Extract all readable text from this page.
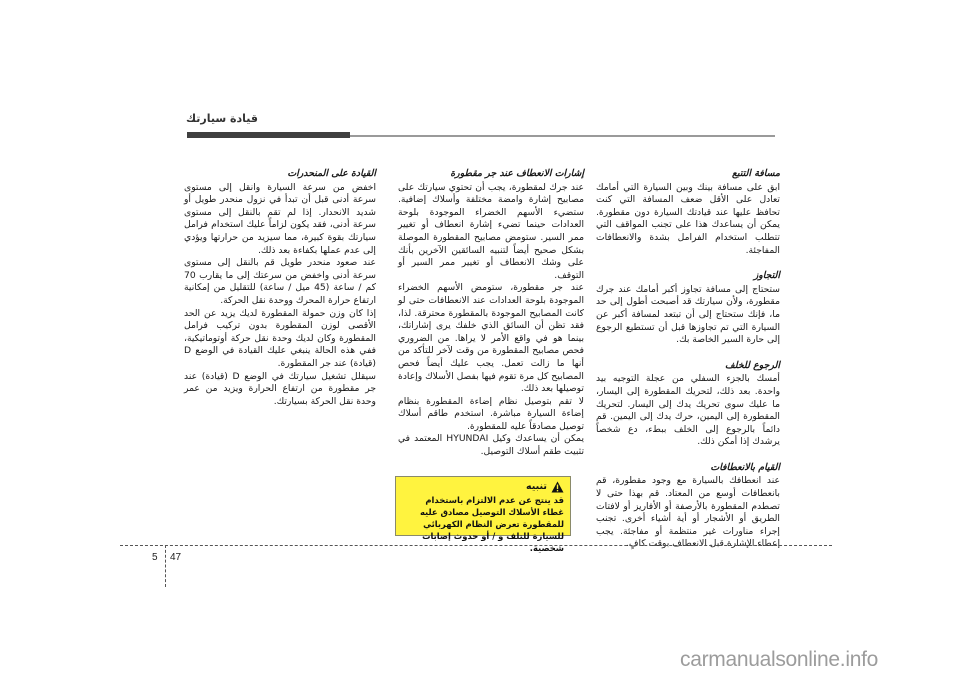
قيادة سيارتك
مسافة التتبع
ابق على مسافة بينك وبين السيارة التي أمامك تعادل على الأقل ضعف المسافة التي كنت تحافظ عليها عند قيادتك السيارة دون مقطورة. يمكن أن يساعدك هذا على تجنب المواقف التي تتطلب استخدام الفرامل بشدة والانعطافات المفاجئة.
التجاوز
ستحتاج إلى مسافة تجاوز أكبر أمامك عند جرك مقطورة، ولأن سيارتك قد أصبحت أطول إلى حد ما، فإنك ستحتاج إلى أن تبتعد لمسافة أكبر عن السيارة التي تم تجاوزها قبل أن تستطيع الرجوع إلى حارة السير الخاصة بك.
الرجوع للخلف
أمسك بالجزء السفلي من عجلة التوجيه بيد واحدة. بعد ذلك، لتحريك المقطورة إلى اليسار، ما عليك سوى تحريك يدك إلى اليسار. لتحريك المقطورة إلى اليمين، حرك يدك إلى اليمين. قم دائماً بالرجوع إلى الخلف ببطء، دع شخصاً يرشدك إذا أمكن ذلك.
القيام بالانعطافات
عند انعطافك بالسيارة مع وجود مقطورة، قم بانعطافات أوسع من المعتاد. قم بهذا حتى لا تصطدم المقطورة بالأرصفة أو الأفاريز أو لافتات الطريق أو الأشجار أو أية أشياء أخرى. تجنب إجراء مناورات غير منتظمة أو مفاجئة. يجب إعطاء الإشارة قبل الانعطاف بوقت كافٍ.
إشارات الانعطاف عند جر مقطورة
عند جرك لمقطورة، يجب أن تحتوي سيارتك على مصابيح إشارة وامضة مختلفة وأسلاك إضافية. ستضيء الأسهم الخضراء الموجودة بلوحة العدادات حينما تضيء إشارة انعطاف أو تغيير ممر السير. ستومض مصابيح المقطورة الموصلة بشكل صحيح أيضاً لتنبيه السائقين الآخرين بأنك على وشك الانعطاف أو تغيير ممر السير أو التوقف.
عند جر مقطورة، ستومض الأسهم الخضراء الموجودة بلوحة العدادات عند الانعطافات حتى لو كانت المصابيح الموجودة بالمقطورة محترقة. لذا، فقد تظن أن السائق الذي خلفك يرى إشاراتك، بينما هو في واقع الأمر لا يراها. من الضروري فحص مصابيح المقطورة من وقت لآخر للتأكد من أنها ما زالت تعمل. يجب عليك أيضاً فحص المصابيح كل مرة تقوم فيها بفصل الأسلاك وإعادة توصيلها بعد ذلك.
لا تقم بتوصيل نظام إضاءة المقطورة بنظام إضاءة السيارة مباشرة. استخدم طاقم أسلاك توصيل مصادقاً عليه للمقطورة.
يمكن أن يساعدك وكيل HYUNDAI المعتمد في تثبيت طقم أسلاك التوصيل.
القيادة على المنحدرات
اخفض من سرعة السيارة وانقل إلى مستوى سرعة أدنى قبل أن تبدأ في نزول منحدر طويل أو شديد الانحدار. إذا لم تقم بالنقل إلى مستوى سرعة أدنى، فقد يكون لزاماً عليك استخدام فرامل سيارتك بقوة كبيرة، مما سيزيد من حرارتها ويؤدي إلى عدم عملها بكفاءة بعد ذلك.
عند صعود منحدر طويل قم بالنقل إلى مستوى سرعة أدنى واخفض من سرعتك إلى ما يقارب 70 كم / ساعة (45 ميل / ساعة) للتقليل من إمكانية ارتفاع حرارة المحرك ووحدة نقل الحركة.
إذا كان وزن حمولة المقطورة لديك يزيد عن الحد الأقصى لوزن المقطورة بدون تركيب فرامل المقطورة وكان لديك وحدة نقل حركة أوتوماتيكية، ففي هذه الحالة ينبغي عليك القيادة في الوضع D (قيادة) عند جر المقطورة.
سيقلل تشغيل سيارتك في الوضع D (قيادة) عند جر مقطورة من ارتفاع الحرارة ويزيد من عمر وحدة نقل الحركة بسيارتك.
تنبيه
قد ينتج عن عدم الالتزام باستخدام غطاء الأسلاك التوصيل مصادق عليه للمقطورة تعرض النظام الكهربائي للسيارة للتلف و / أو حدوث إصابات شخصية.
5 47
carmanualsonline.info
